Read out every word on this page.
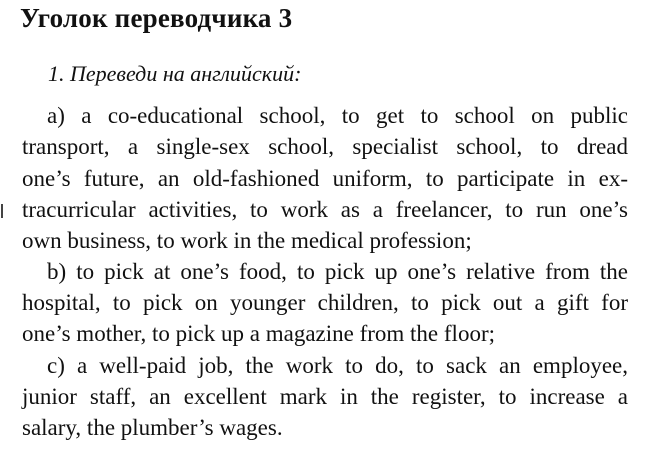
Уголок переводчика 3

1. Переведи на английский:

a) a co-educational school, to get to school on public

transport, a single-sex school, specialist school, to dread

one’s future, an old-fashioned uniform, to participate in ex-

tracurricular activities, to work as a freelancer, to run one’s

own business, to work in the medical profession;

b) to pick at one’s food, to pick up one’s relative from the

hospital, to pick on younger children, to pick out a gift for

one’s mother, to pick up a magazine from the floor;

c) a well-paid job, the work to do, to sack an employee,

junior staff, an excellent mark in the register, to increase a

salary, the plumber’s wages.
